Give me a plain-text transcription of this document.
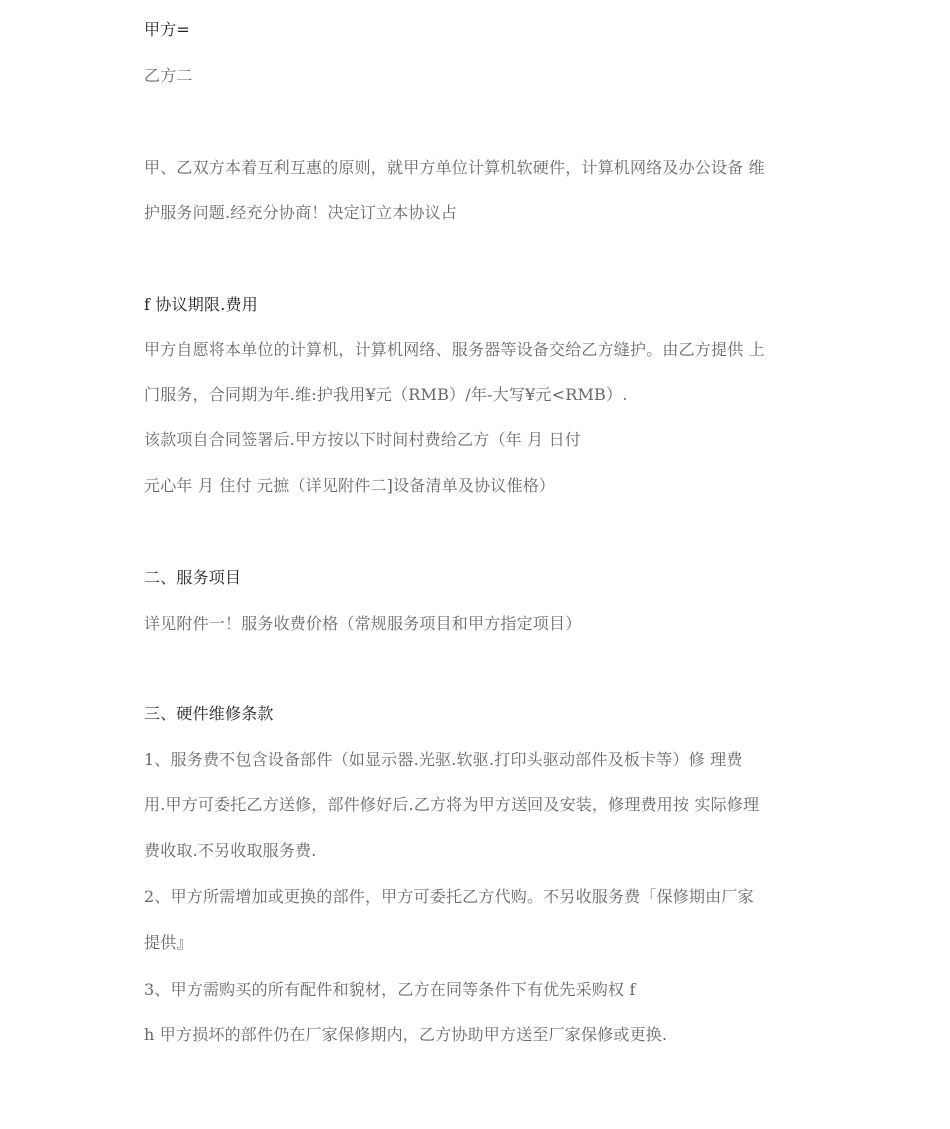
甲方=
乙方二
甲、乙双方本着互利互惠的原则，就甲方单位计算机软硬件，计算机网络及办公设备 维
护服务问题.经充分协商！决定订立本协议占
f 协议期限.费用
甲方自愿将本单位的计算机，计算机网络、服务器等设备交给乙方缝护。由乙方提供 上
门服务，合同期为年.维:护我用¥元（RMB）/年-大写¥元<RMB）.
该款项自合同签署后.甲方按以下时间村费给乙方（年 月 日付
元心年 月 住付 元摭（详见附件二]设备清单及协议倠格）
二、服务项目
详见附件一！服务收费价格（常规服务项目和甲方指定项目）
三、硬件维修条款
1、服务费不包含设备部件（如显示器.光驱.软驱.打印头驱动部件及板卡等）修 理费
用.甲方可委托乙方送修，部件修好后.乙方将为甲方送回及安装，修理费用按 实际修理
费收取.不另收取服务费.
2、甲方所需增加或更换的部件，甲方可委托乙方代购。不另收服务费「保修期由厂家
提供』
3、甲方需购买的所有配件和貌材，乙方在同等条件下有优先采购权 f
h 甲方损坏的部件仍在厂家保修期内，乙方协助甲方送至厂家保修或更换.
